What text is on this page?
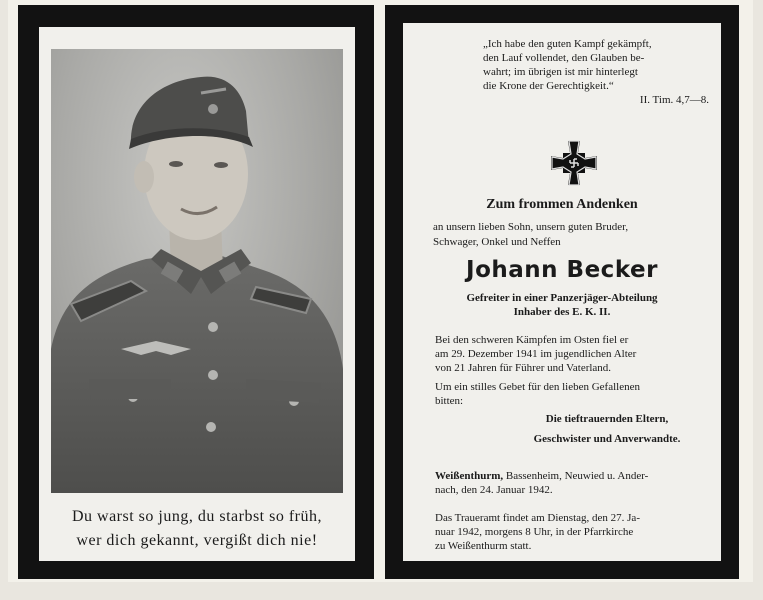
Du warst so jung, du starbst so früh,
wer dich gekannt, vergißt dich nie!
„Ich habe den guten Kampf gekämpft,
den Lauf vollendet, den Glauben be-
wahrt; im übrigen ist mir hinterlegt
die Krone der Gerechtigkeit.“
II. Tim. 4,7—8.
Zum frommen Andenken
an unsern lieben Sohn, unsern guten Bruder,
Schwager, Onkel und Neffen
Johann Becker
Gefreiter in einer Panzerjäger-Abteilung
Inhaber des E. K. II.
Bei den schweren Kämpfen im Osten fiel er
am 29. Dezember 1941 im jugendlichen Alter
von 21 Jahren für Führer und Vaterland.
Um ein stilles Gebet für den lieben Gefallenen
bitten:
Die tieftrauernden Eltern,
Geschwister und Anverwandte.
Weißenthurm, Bassenheim, Neuwied u. Ander-
nach, den 24. Januar 1942.
Das Traueramt findet am Dienstag, den 27. Ja-
nuar 1942, morgens 8 Uhr, in der Pfarrkirche
zu Weißenthurm statt.
